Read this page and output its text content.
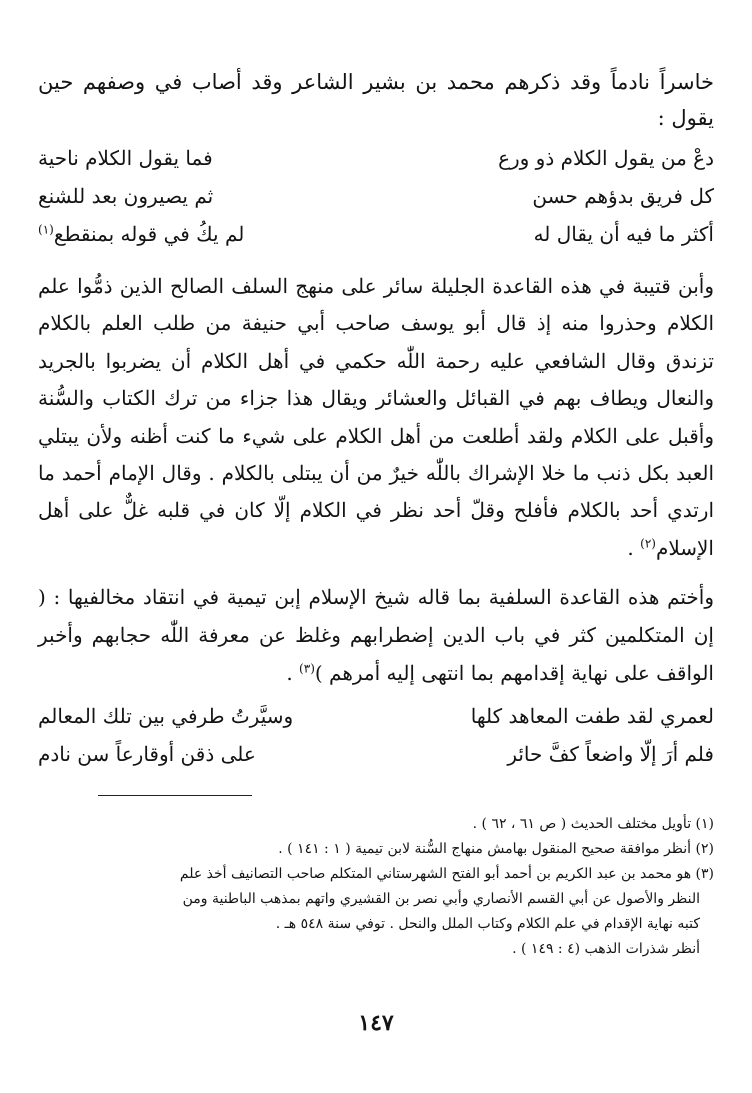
خاسراً نادماً وقد ذكرهم محمد بن بشير الشاعر وقد أصاب في وصفهم حين يقول :

دعْ من يقول الكلام ذو ورع
فما يقول الكلام ناحية
كل فريق بدؤهم حسن
ثم يصيرون بعد للشنع
أكثر ما فيه أن يقال له
لم يكُ في قوله بمنقطع$^{(١)}$

وأبن قتيبة في هذه القاعدة الجليلة سائر على منهج السلف الصالح الذين ذمُّوا علم الكلام وحذروا منه إذ قال أبو يوسف صاحب أبي حنيفة من طلب العلم بالكلام تزندق وقال الشافعي عليه رحمة اللّٰه حكمي في أهل الكلام أن يضربوا بالجريد والنعال ويطاف بهم في القبائل والعشائر ويقال هذا جزاء من ترك الكتاب والسُّنة وأقبل على الكلام ولقد أطلعت من أهل الكلام على شيء ما كنت أظنه ولأن يبتلي العبد بكل ذنب ما خلا الإشراك باللّٰه خيرٌ من أن يبتلى بالكلام . وقال الإمام أحمد ما ارتدي أحد بالكلام فأفلح وقلّ أحد نظر في الكلام إلّا كان في قلبه غلٌّ على أهل الإسلام$^{(٢)}$ .

وأختم هذه القاعدة السلفية بما قاله شيخ الإسلام إبن تيمية في انتقاد مخالفيها : ( إن المتكلمين كثر في باب الدين إضطرابهم وغلظ عن معرفة اللّٰه حجابهم وأخبر الواقف على نهاية إقدامهم بما انتهى إليه أمرهم )$^{(٣)}$ .

لعمري لقد طفت المعاهد كلها
وسيَّرتُ طرفي بين تلك المعالم
فلم أرَ إلّا واضعاً كفَّ حائر
على ذقن أوقارعاً سن نادم

(١) تأويل مختلف الحديث ( ص ٦١ ، ٦٢ ) .

(٢) أنظر موافقة صحيح المنقول بهامش منهاج السُّنة لابن تيمية ( ١ : ١٤١ ) .

(٣) هو محمد بن عبد الكريم بن أحمد أبو الفتح الشهرستاني المتكلم صاحب التصانيف أخذ علم

النظر والأصول عن أبي القسم الأنصاري وأبي نصر بن القشيري واتهم بمذهب الباطنية ومن

كتبه نهاية الإقدام في علم الكلام وكتاب الملل والنحل . توفي سنة ٥٤٨ هـ .

أنظر شذرات الذهب (٤ : ١٤٩ ) .

١٤٧
